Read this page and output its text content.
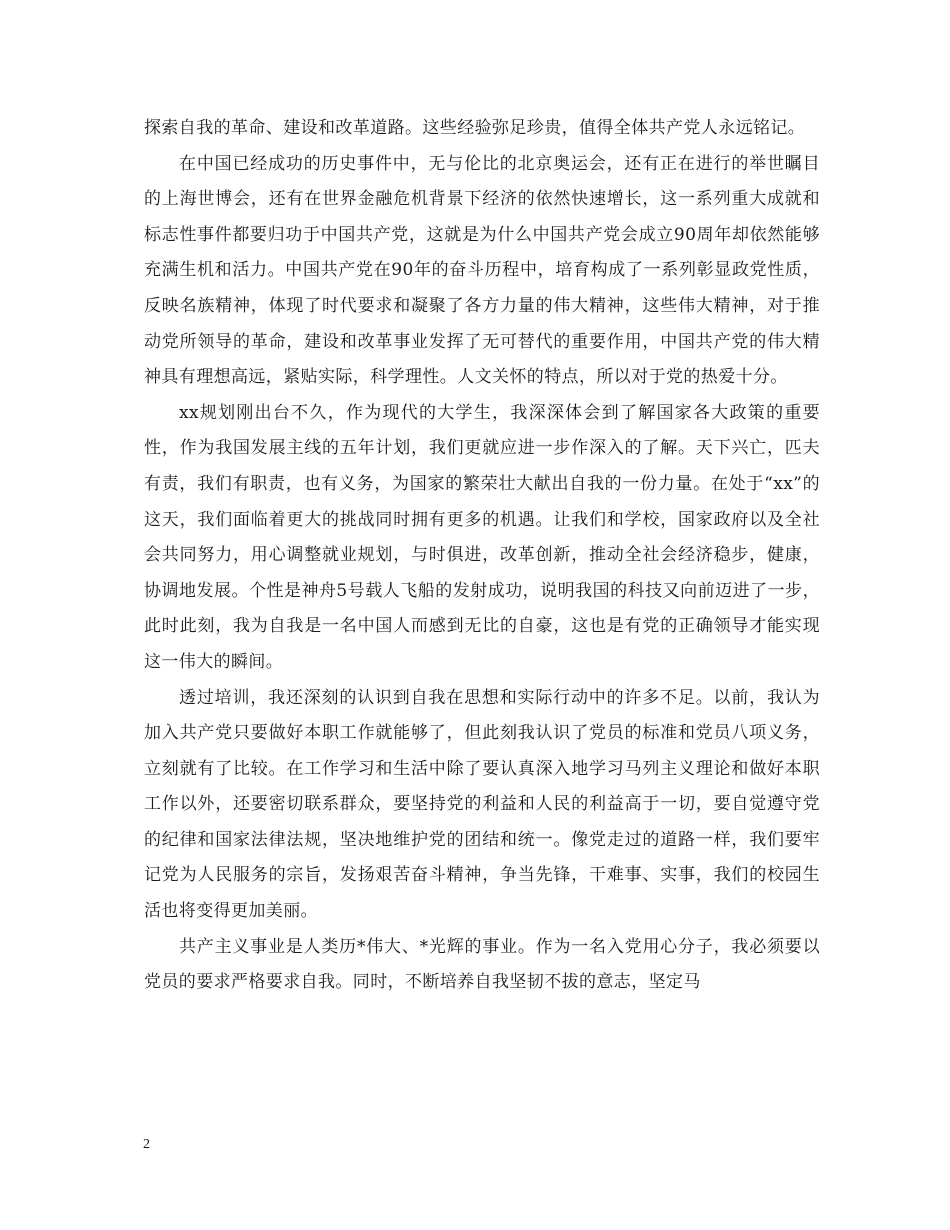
探索自我的革命、建设和改革道路。这些经验弥足珍贵，值得全体共产党人永远铭记。

在中国已经成功的历史事件中，无与伦比的北京奥运会，还有正在进行的举世瞩目的上海世博会，还有在世界金融危机背景下经济的依然快速增长，这一系列重大成就和标志性事件都要归功于中国共产党，这就是为什么中国共产党会成立90周年却依然能够充满生机和活力。中国共产党在90年的奋斗历程中，培育构成了一系列彰显政党性质，反映名族精神，体现了时代要求和凝聚了各方力量的伟大精神，这些伟大精神，对于推动党所领导的革命，建设和改革事业发挥了无可替代的重要作用，中国共产党的伟大精神具有理想高远，紧贴实际，科学理性。人文关怀的特点，所以对于党的热爱十分。

xx规划刚出台不久，作为现代的大学生，我深深体会到了解国家各大政策的重要性，作为我国发展主线的五年计划，我们更就应进一步作深入的了解。天下兴亡，匹夫有责，我们有职责，也有义务，为国家的繁荣壮大献出自我的一份力量。在处于“xx”的这天，我们面临着更大的挑战同时拥有更多的机遇。让我们和学校，国家政府以及全社会共同努力，用心调整就业规划，与时俱进，改革创新，推动全社会经济稳步，健康，协调地发展。个性是神舟5号载人飞船的发射成功，说明我国的科技又向前迈进了一步，此时此刻，我为自我是一名中国人而感到无比的自豪，这也是有党的正确领导才能实现这一伟大的瞬间。

透过培训，我还深刻的认识到自我在思想和实际行动中的许多不足。以前，我认为加入共产党只要做好本职工作就能够了，但此刻我认识了党员的标准和党员八项义务，立刻就有了比较。在工作学习和生活中除了要认真深入地学习马列主义理论和做好本职工作以外，还要密切联系群众，要坚持党的利益和人民的利益高于一切，要自觉遵守党的纪律和国家法律法规，坚决地维护党的团结和统一。像党走过的道路一样，我们要牢记党为人民服务的宗旨，发扬艰苦奋斗精神，争当先锋，干难事、实事，我们的校园生活也将变得更加美丽。

共产主义事业是人类历*伟大、*光辉的事业。作为一名入党用心分子，我必须要以党员的要求严格要求自我。同时，不断培养自我坚韧不拔的意志，坚定马

2
